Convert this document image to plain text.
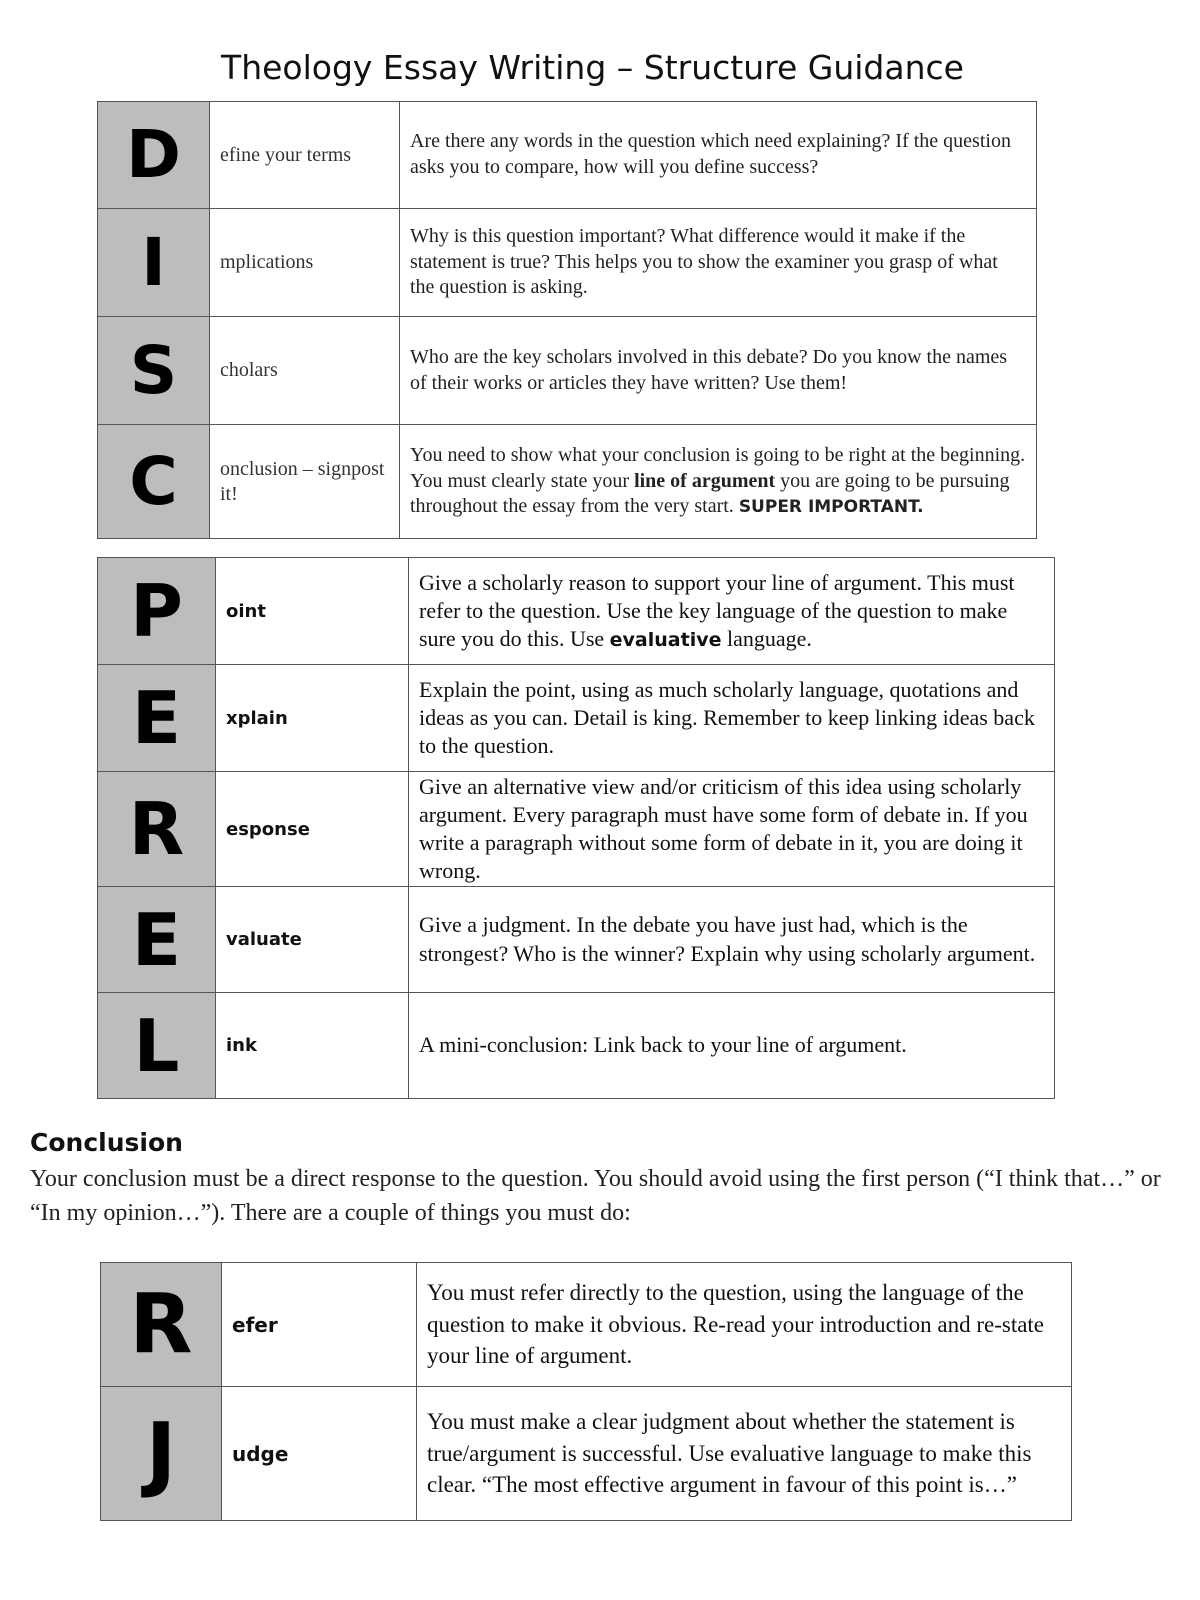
Theology Essay Writing – Structure Guidance
D	efine your terms	Are there any words in the question which need explaining? If the question asks you to compare, how will you define success?
I	mplications	Why is this question important? What difference would it make if the statement is true? This helps you to show the examiner you grasp of what the question is asking.
S	cholars	Who are the key scholars involved in this debate? Do you know the names of their works or articles they have written? Use them!
C	onclusion – signpost it!	You need to show what your conclusion is going to be right at the beginning. You must clearly state your line of argument you are going to be pursuing throughout the essay from the very start. SUPER IMPORTANT.
P	oint	Give a scholarly reason to support your line of argument. This must refer to the question. Use the key language of the question to make sure you do this. Use evaluative language.
E	xplain	Explain the point, using as much scholarly language, quotations and ideas as you can. Detail is king. Remember to keep linking ideas back to the question.
R	esponse	Give an alternative view and/or criticism of this idea using scholarly argument. Every paragraph must have some form of debate in. If you write a paragraph without some form of debate in it, you are doing it wrong.
E	valuate	Give a judgment. In the debate you have just had, which is the strongest? Who is the winner? Explain why using scholarly argument.
L	ink	A mini-conclusion: Link back to your line of argument.
Conclusion
Your conclusion must be a direct response to the question. You should avoid using the first person (“I think that…” or “In my opinion…”). There are a couple of things you must do:
R	efer	You must refer directly to the question, using the language of the question to make it obvious. Re-read your introduction and re-state your line of argument.
J	udge	You must make a clear judgment about whether the statement is true/argument is successful. Use evaluative language to make this clear. “The most effective argument in favour of this point is…”
